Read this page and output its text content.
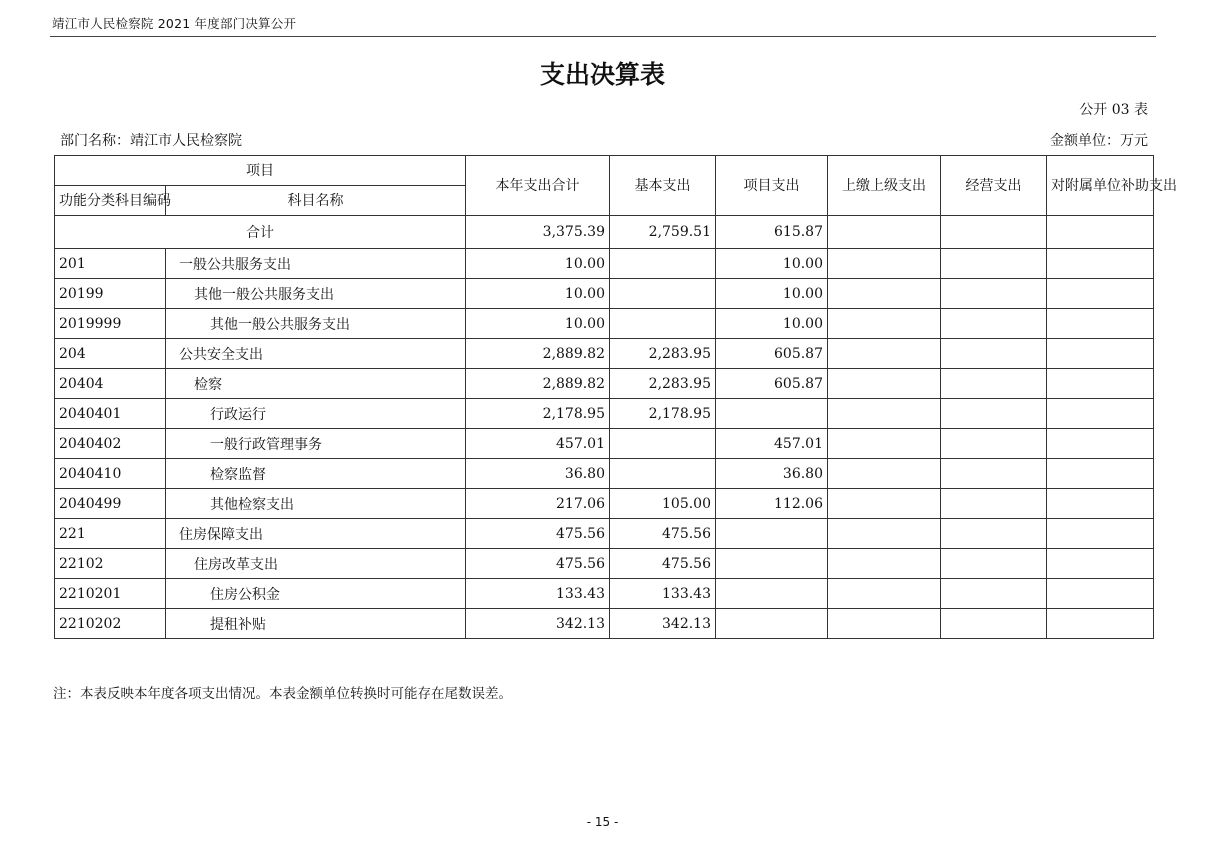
靖江市人民检察院 2021 年度部门决算公开
支出决算表
公开 03 表
部门名称：靖江市人民检察院	金额单位：万元
项目		本年支出合计	基本支出	项目支出	上缴上级支出	经营支出	对附属单位补助支出
功能分类科目编码	科目名称						
合计		3,375.39	2,759.51	615.87			
201	一般公共服务支出	10.00		10.00			
20199	其他一般公共服务支出	10.00		10.00			
2019999	其他一般公共服务支出	10.00		10.00			
204	公共安全支出	2,889.82	2,283.95	605.87			
20404	检察	2,889.82	2,283.95	605.87			
2040401	行政运行	2,178.95	2,178.95				
2040402	一般行政管理事务	457.01		457.01			
2040410	检察监督	36.80		36.80			
2040499	其他检察支出	217.06	105.00	112.06			
221	住房保障支出	475.56	475.56				
22102	住房改革支出	475.56	475.56				
2210201	住房公积金	133.43	133.43				
2210202	提租补贴	342.13	342.13				
注：本表反映本年度各项支出情况。本表金额单位转换时可能存在尾数误差。
- 15 -
